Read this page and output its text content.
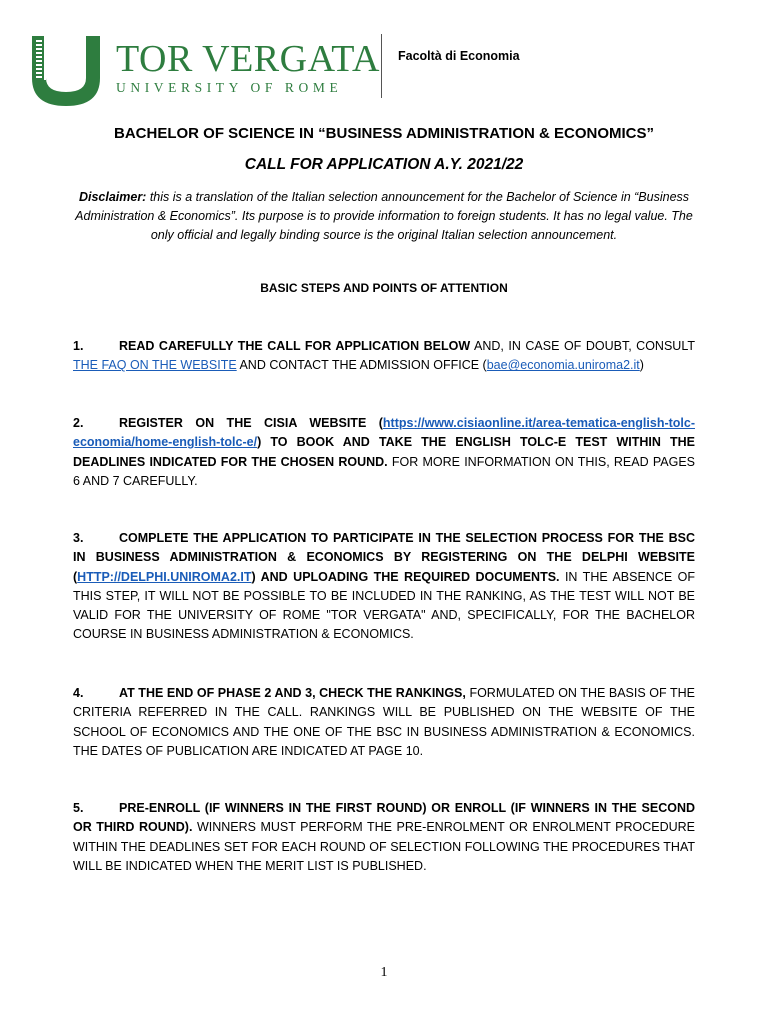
TOR VERGATA
UNIVERSITY OF ROME
Facoltà di Economia
BACHELOR OF SCIENCE IN “BUSINESS ADMINISTRATION & ECONOMICS”
CALL FOR APPLICATION A.Y. 2021/22
Disclaimer: this is a translation of the Italian selection announcement for the Bachelor of Science in “Business Administration & Economics”. Its purpose is to provide information to foreign students. It has no legal value. The only official and legally binding source is the original Italian selection announcement.
BASIC STEPS AND POINTS OF ATTENTION
1.	READ CAREFULLY THE CALL FOR APPLICATION BELOW AND, IN CASE OF DOUBT, CONSULT THE FAQ ON THE WEBSITE AND CONTACT THE ADMISSION OFFICE (bae@economia.uniroma2.it)
2.	REGISTER ON THE CISIA WEBSITE (https://www.cisiaonline.it/area-tematica-english-tolc-economia/home-english-tolc-e/) TO BOOK AND TAKE THE ENGLISH TOLC-E TEST WITHIN THE DEADLINES INDICATED FOR THE CHOSEN ROUND. FOR MORE INFORMATION ON THIS, READ PAGES 6 AND 7 CAREFULLY.
3.	COMPLETE THE APPLICATION TO PARTICIPATE IN THE SELECTION PROCESS FOR THE BSC IN BUSINESS ADMINISTRATION & ECONOMICS BY REGISTERING ON THE DELPHI WEBSITE (HTTP://DELPHI.UNIROMA2.IT) AND UPLOADING THE REQUIRED DOCUMENTS. IN THE ABSENCE OF THIS STEP, IT WILL NOT BE POSSIBLE TO BE INCLUDED IN THE RANKING, AS THE TEST WILL NOT BE VALID FOR THE UNIVERSITY OF ROME "TOR VERGATA" AND, SPECIFICALLY, FOR THE BACHELOR COURSE IN BUSINESS ADMINISTRATION & ECONOMICS.
4.	AT THE END OF PHASE 2 AND 3, CHECK THE RANKINGS, FORMULATED ON THE BASIS OF THE CRITERIA REFERRED IN THE CALL. RANKINGS WILL BE PUBLISHED ON THE WEBSITE OF THE SCHOOL OF ECONOMICS AND THE ONE OF THE BSC IN BUSINESS ADMINISTRATION & ECONOMICS. THE DATES OF PUBLICATION ARE INDICATED AT PAGE 10.
5.	PRE-ENROLL (IF WINNERS IN THE FIRST ROUND) OR ENROLL (IF WINNERS IN THE SECOND OR THIRD ROUND). WINNERS MUST PERFORM THE PRE-ENROLMENT OR ENROLMENT PROCEDURE WITHIN THE DEADLINES SET FOR EACH ROUND OF SELECTION FOLLOWING THE PROCEDURES THAT WILL BE INDICATED WHEN THE MERIT LIST IS PUBLISHED.
1
